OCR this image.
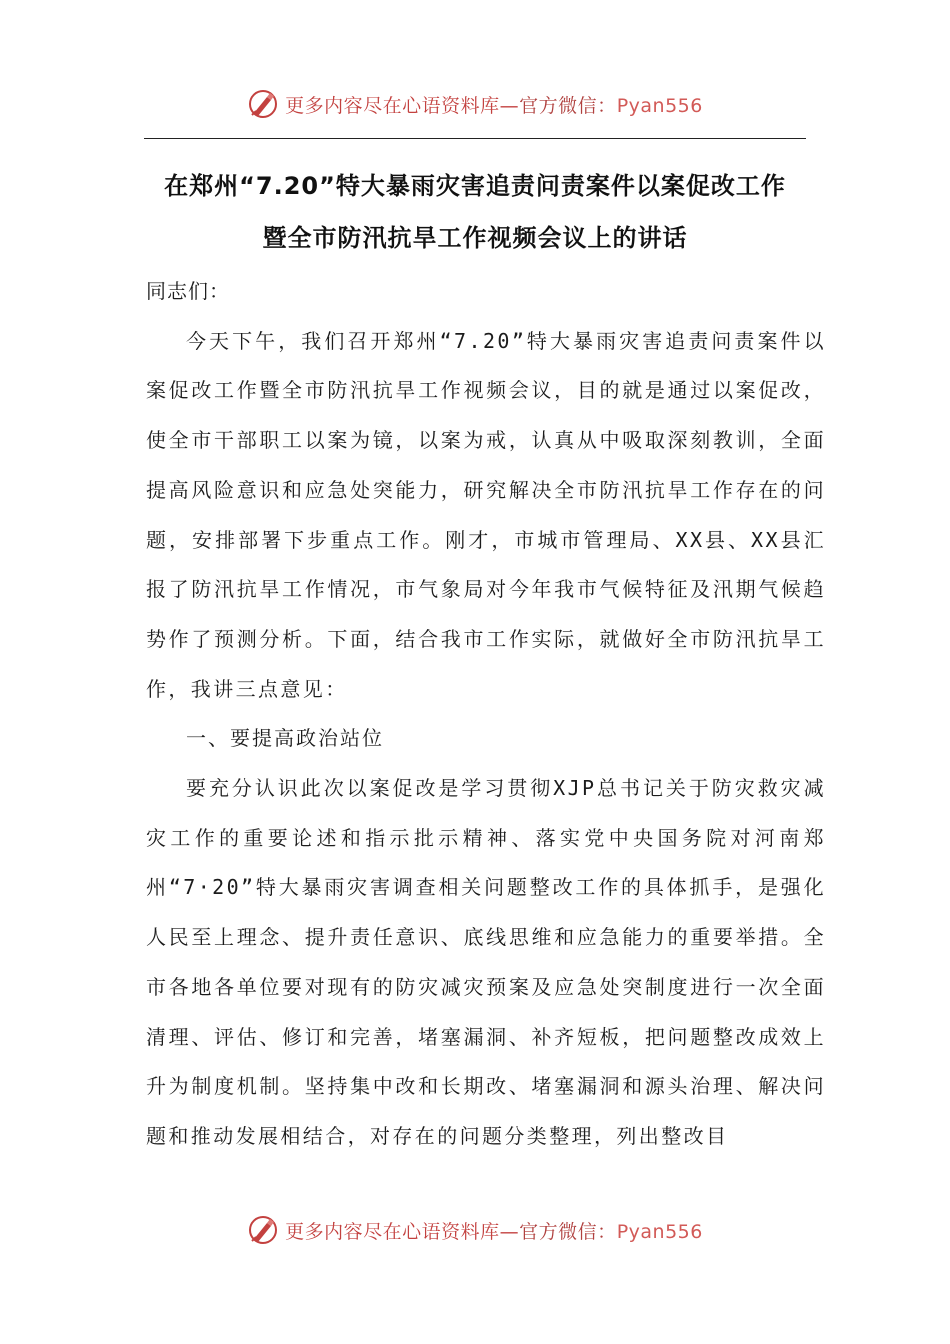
更多内容尽在心语资料库—官方微信：Pyan556
在郑州“7.20”特大暴雨灾害追责问责案件以案促改工作
暨全市防汛抗旱工作视频会议上的讲话

同志们：

今天下午，我们召开郑州“7.20”特大暴雨灾害追责问责案件以案促改工作暨全市防汛抗旱工作视频会议，目的就是通过以案促改，使全市干部职工以案为镜，以案为戒，认真从中吸取深刻教训，全面提高风险意识和应急处突能力，研究解决全市防汛抗旱工作存在的问题，安排部署下步重点工作。刚才，市城市管理局、XX县、XX县汇报了防汛抗旱工作情况，市气象局对今年我市气候特征及汛期气候趋势作了预测分析。下面，结合我市工作实际，就做好全市防汛抗旱工作，我讲三点意见：

一、要提高政治站位

要充分认识此次以案促改是学习贯彻XJP总书记关于防灾救灾减灾工作的重要论述和指示批示精神、落实党中央国务院对河南郑州“7·20”特大暴雨灾害调查相关问题整改工作的具体抓手，是强化人民至上理念、提升责任意识、底线思维和应急能力的重要举措。全市各地各单位要对现有的防灾减灾预案及应急处突制度进行一次全面清理、评估、修订和完善，堵塞漏洞、补齐短板，把问题整改成效上升为制度机制。坚持集中改和长期改、堵塞漏洞和源头治理、解决问题和推动发展相结合，对存在的问题分类整理，列出整改目

更多内容尽在心语资料库—官方微信：Pyan556
